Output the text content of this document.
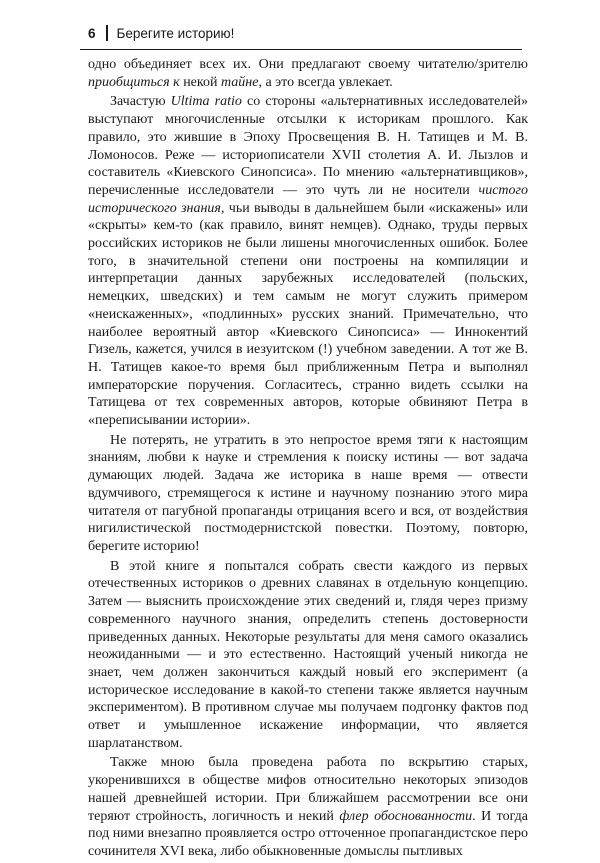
6 Берегите историю!

одно объединяет всех их. Они предлагают своему читателю/зрителю приобщиться к некой тайне, а это всегда увлекает.

Зачастую Ultima ratio со стороны «альтернативных исследователей» выступают многочисленные отсылки к историкам прошлого. Как правило, это жившие в Эпоху Просвещения В. Н. Татищев и М. В. Ломоносов. Реже — историописатели XVII столетия А. И. Лызлов и составитель «Киевского Синопсиса». По мнению «альтернативщиков», перечисленные исследователи — это чуть ли не носители чистого исторического знания, чьи выводы в дальнейшем были «искажены» или «скрыты» кем-то (как правило, винят немцев). Однако, труды первых российских историков не были лишены многочисленных ошибок. Более того, в значительной степени они построены на компиляции и интерпретации данных зарубежных исследователей (польских, немецких, шведских) и тем самым не могут служить примером «неискаженных», «подлинных» русских знаний. Примечательно, что наиболее вероятный автор «Киевского Синопсиса» — Иннокентий Гизель, кажется, учился в иезуитском (!) учебном заведении. А тот же В. Н. Татищев какое-то время был приближенным Петра и выполнял императорские поручения. Согласитесь, странно видеть ссылки на Татищева от тех современных авторов, которые обвиняют Петра в «переписывании истории».

Не потерять, не утратить в это непростое время тяги к настоящим знаниям, любви к науке и стремления к поиску истины — вот задача думающих людей. Задача же историка в наше время — отвести вдумчивого, стремящегося к истине и научному познанию этого мира читателя от пагубной пропаганды отрицания всего и вся, от воздействия нигилистической постмодернистской повестки. Поэтому, повторю, берегите историю!

В этой книге я попытался собрать свести каждого из первых отечественных историков о древних славянах в отдельную концепцию. Затем — выяснить происхождение этих сведений и, глядя через призму современного научного знания, определить степень достоверности приведенных данных. Некоторые результаты для меня самого оказались неожиданными — и это естественно. Настоящий ученый никогда не знает, чем должен закончиться каждый новый его эксперимент (а историческое исследование в какой-то степени также является научным экспериментом). В противном случае мы получаем подгонку фактов под ответ и умышленное искажение информации, что является шарлатанством.

Также мною была проведена работа по вскрытию старых, укоренившихся в обществе мифов относительно некоторых эпизодов нашей древнейшей истории. При ближайшем рассмотрении все они теряют стройность, логичность и некий флер обоснованности. И тогда под ними внезапно проявляется остро отточенное пропагандистское перо сочинителя XVI века, либо обыкновенные домыслы пытливых
